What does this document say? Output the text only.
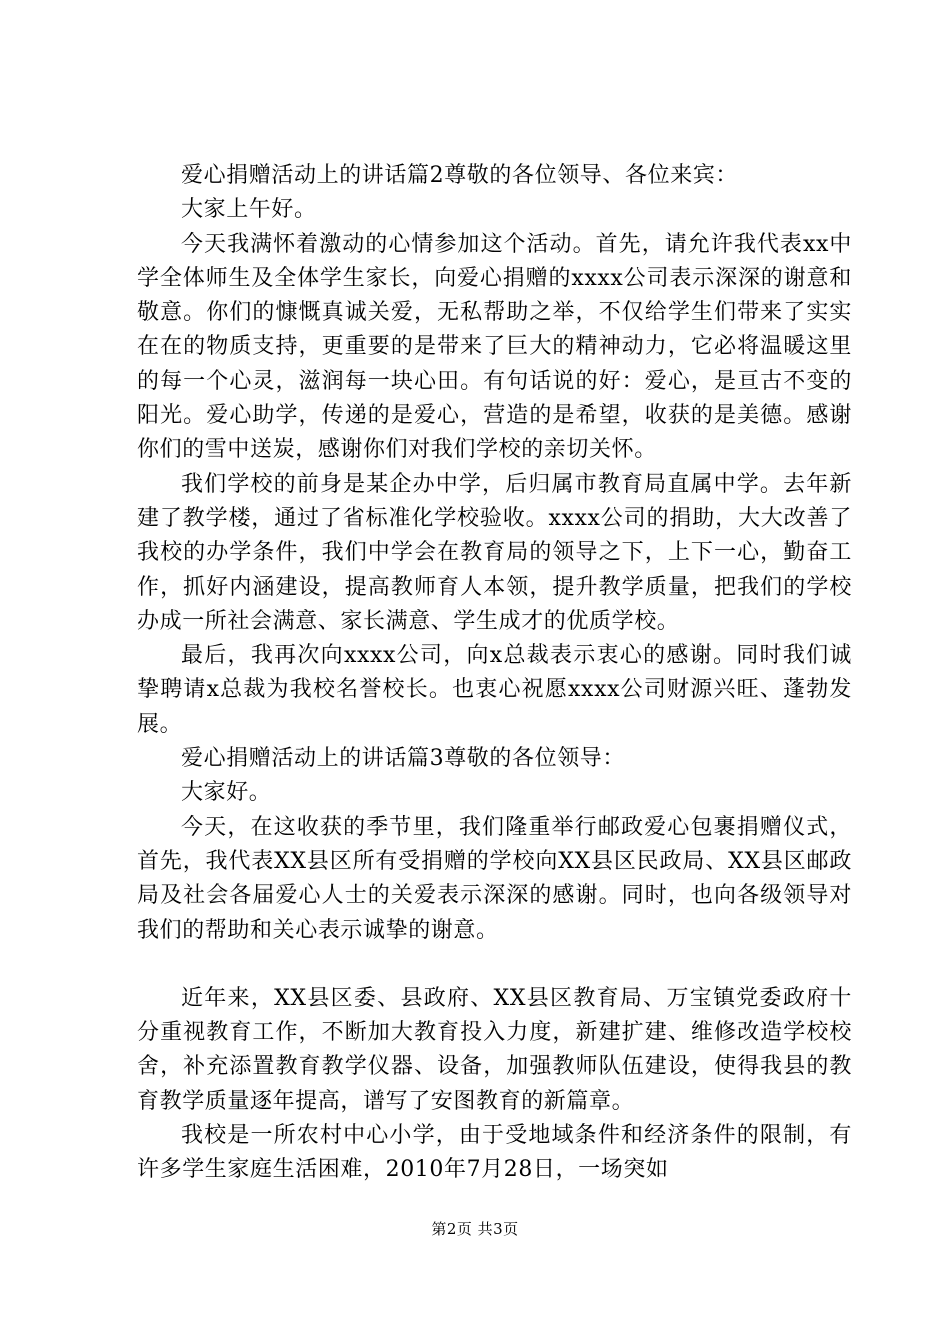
爱心捐赠活动上的讲话篇2尊敬的各位领导、各位来宾：

大家上午好。

今天我满怀着激动的心情参加这个活动。首先，请允许我代表xx中学全体师生及全体学生家长，向爱心捐赠的xxxx公司表示深深的谢意和敬意。你们的慷慨真诚关爱，无私帮助之举，不仅给学生们带来了实实在在的物质支持，更重要的是带来了巨大的精神动力，它必将温暖这里的每一个心灵，滋润每一块心田。有句话说的好：爱心，是亘古不变的阳光。爱心助学，传递的是爱心，营造的是希望，收获的是美德。感谢你们的雪中送炭，感谢你们对我们学校的亲切关怀。

我们学校的前身是某企办中学，后归属市教育局直属中学。去年新建了教学楼，通过了省标准化学校验收。xxxx公司的捐助，大大改善了我校的办学条件，我们中学会在教育局的领导之下，上下一心，勤奋工作，抓好内涵建设，提高教师育人本领，提升教学质量，把我们的学校办成一所社会满意、家长满意、学生成才的优质学校。

最后，我再次向xxxx公司，向x总裁表示衷心的感谢。同时我们诚挚聘请x总裁为我校名誉校长。也衷心祝愿xxxx公司财源兴旺、蓬勃发展。

爱心捐赠活动上的讲话篇3尊敬的各位领导：

大家好。

今天，在这收获的季节里，我们隆重举行邮政爱心包裹捐赠仪式，首先，我代表XX县区所有受捐赠的学校向XX县区民政局、XX县区邮政局及社会各届爱心人士的关爱表示深深的感谢。同时，也向各级领导对我们的帮助和关心表示诚挚的谢意。

近年来，XX县区委、县政府、XX县区教育局、万宝镇党委政府十分重视教育工作，不断加大教育投入力度，新建扩建、维修改造学校校舍，补充添置教育教学仪器、设备，加强教师队伍建设，使得我县的教育教学质量逐年提高，谱写了安图教育的新篇章。

我校是一所农村中心小学，由于受地域条件和经济条件的限制，有许多学生家庭生活困难，2010年7月28日，一场突如

第2页 共3页
